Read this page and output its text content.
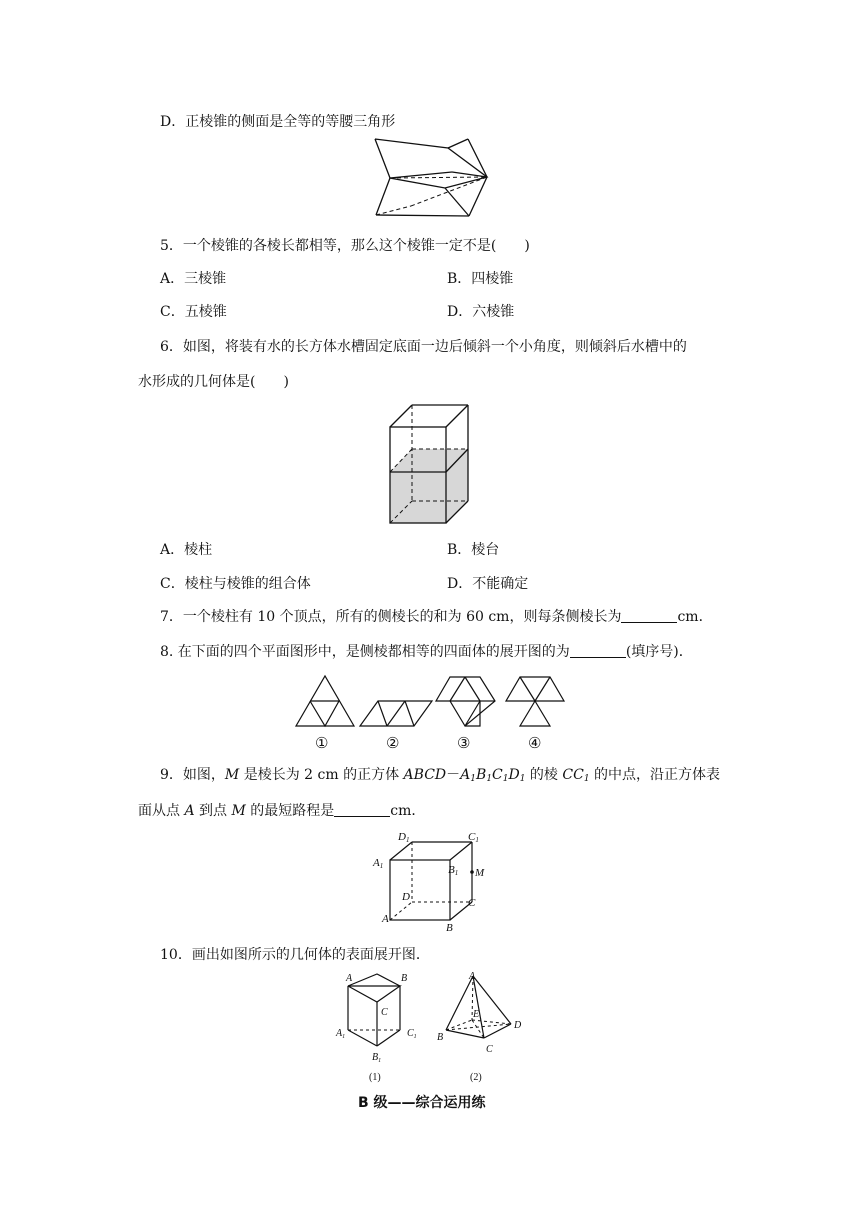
D．正棱锥的侧面是全等的等腰三角形
5．一个棱锥的各棱长都相等，那么这个棱锥一定不是(　　)
A．三棱锥	B．四棱锥
C．五棱锥	D．六棱锥
6．如图，将装有水的长方体水槽固定底面一边后倾斜一个小角度，则倾斜后水槽中的
水形成的几何体是(　　)
A．棱柱	B．棱台
C．棱柱与棱锥的组合体	D．不能确定
7．一个棱柱有 10 个顶点，所有的侧棱长的和为 60 cm，则每条侧棱长为	cm．
8. 在下面的四个平面图形中，是侧棱都相等的四面体的展开图的为	(填序号)．
①	②	③	④
9．如图，M 是棱长为 2 cm 的正方体 $ABCD-A_1B_1C_1D_1$ 的棱 $CC_1$ 的中点，沿正方体表
面从点 A 到点 M 的最短路程是	cm．
D1	C1
A1	B1 M
D	C
A
B
10．画出如图所示的几何体的表面展开图．
A	B
C
$A_1$	$C_1$
$B_1$
(1)
A
E
D
B
C
(2)
B 级——综合运用练
